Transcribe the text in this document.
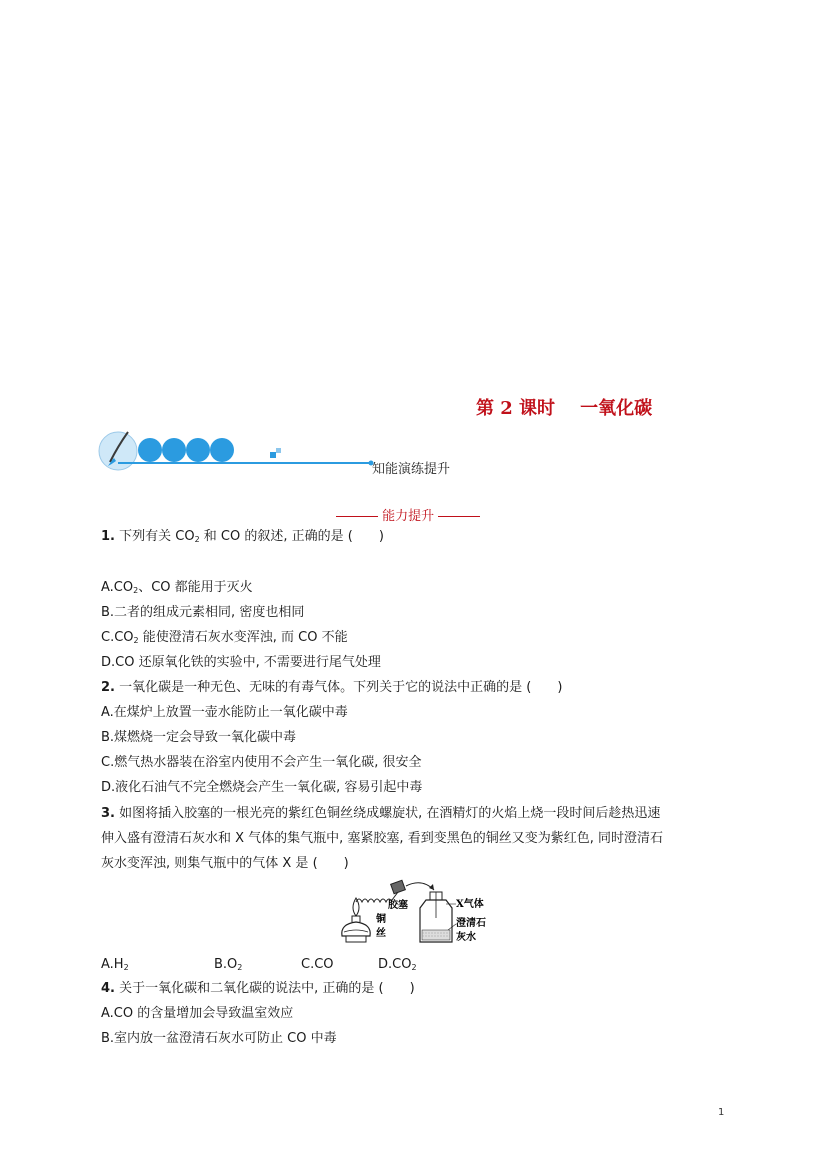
第 2 课时    一氧化碳
知能演练提升
能力提升
1. 下列有关 $CO_2$ 和 CO 的叙述, 正确的是 ( )
$A.CO_2$、CO 都能用于灭火
B.二者的组成元素相同, 密度也相同
$C.CO_2$ 能使澄清石灰水变浑浊, 而 CO 不能
D.CO 还原氧化铁的实验中, 不需要进行尾气处理
2. 一氧化碳是一种无色、无味的有毒气体。下列关于它的说法中正确的是 ( )
A.在煤炉上放置一壶水能防止一氧化碳中毒
B.煤燃烧一定会导致一氧化碳中毒
C.燃气热水器装在浴室内使用不会产生一氧化碳, 很安全
D.液化石油气不完全燃烧会产生一氧化碳, 容易引起中毒
3. 如图将插入胶塞的一根光亮的紫红色铜丝绕成螺旋状, 在酒精灯的火焰上烧一段时间后趁热迅速
伸入盛有澄清石灰水和 X 气体的集气瓶中, 塞紧胶塞, 看到变黑色的铜丝又变为紫红色, 同时澄清石
灰水变浑浊, 则集气瓶中的气体 X 是 ( )
胶塞
铜
丝
X气体
澄清石
灰水
$A.H_2$	$B.O_2$	C.CO	$D.CO_2$
4. 关于一氧化碳和二氧化碳的说法中, 正确的是 ( )
A.CO 的含量增加会导致温室效应
B.室内放一盆澄清石灰水可防止 CO 中毒
1
